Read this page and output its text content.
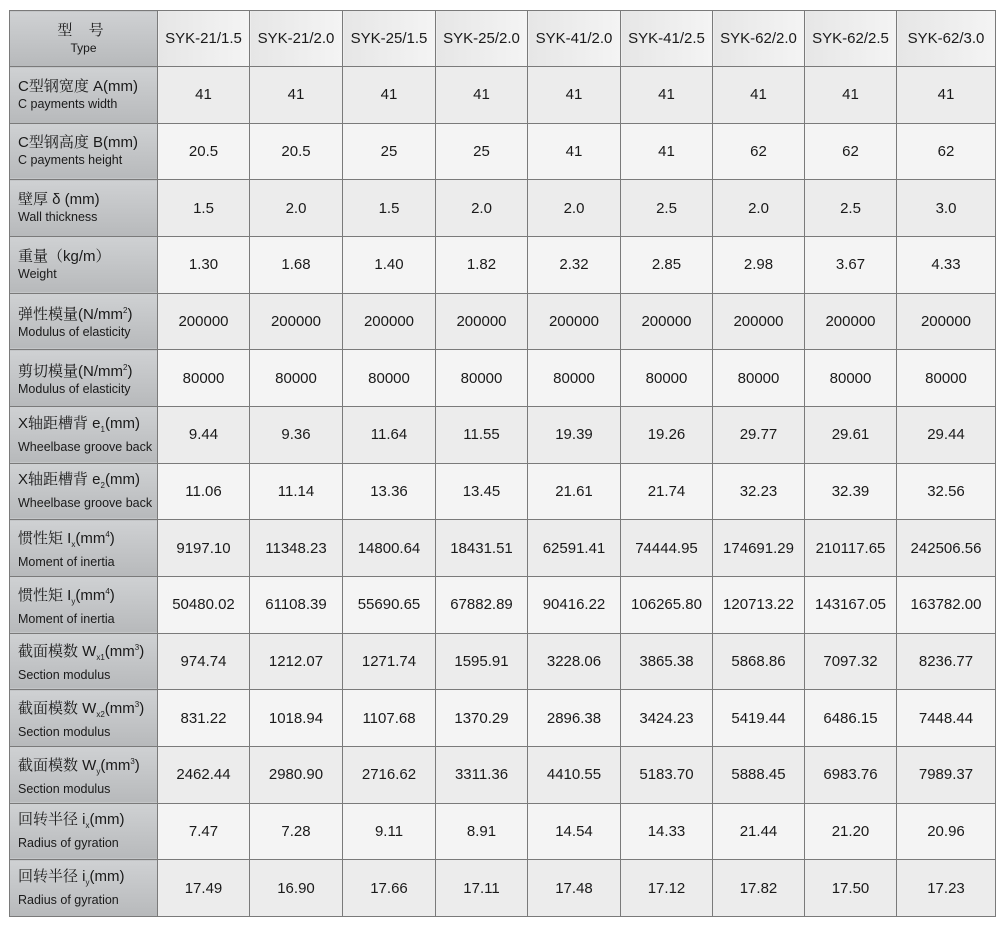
型 号
Type	SYK-21/1.5	SYK-21/2.0	SYK-25/1.5	SYK-25/2.0	SYK-41/2.0	SYK-41/2.5	SYK-62/2.0	SYK-62/2.5	SYK-62/3.0

C型钢宽度 A(mm)
C payments width	41	41	41	41	41	41	41	41	41

C型钢高度 B(mm)
C payments height	20.5	20.5	25	25	41	41	62	62	62

壁厚 δ (mm)
Wall thickness	1.5	2.0	1.5	2.0	2.0	2.5	2.0	2.5	3.0

重量（kg/m）
Weight	1.30	1.68	1.40	1.82	2.32	2.85	2.98	3.67	4.33

弹性模量$(N/mm^2)$
Modulus of elasticity	200000	200000	200000	200000	200000	200000	200000	200000	200000

剪切模量$(N/mm^2)$
Modulus of elasticity	80000	80000	80000	80000	80000	80000	80000	80000	80000

X轴距槽背 $e_1(mm)$
Wheelbase groove back	9.44	9.36	11.64	11.55	19.39	19.26	29.77	29.61	29.44

X轴距槽背 $e_2(mm)$
Wheelbase groove back	11.06	11.14	13.36	13.45	21.61	21.74	32.23	32.39	32.56

惯性矩 $I_x(mm^4)$
Moment of inertia	9197.10	11348.23	14800.64	18431.51	62591.41	74444.95	174691.29	210117.65	242506.56

惯性矩 $I_y(mm^4)$
Moment of inertia	50480.02	61108.39	55690.65	67882.89	90416.22	106265.80	120713.22	143167.05	163782.00

截面模数 $W_{x1}(mm^3)$
Section modulus	974.74	1212.07	1271.74	1595.91	3228.06	3865.38	5868.86	7097.32	8236.77

截面模数 $W_{x2}(mm^3)$
Section modulus	831.22	1018.94	1107.68	1370.29	2896.38	3424.23	5419.44	6486.15	7448.44

截面模数 $W_y(mm^3)$
Section modulus	2462.44	2980.90	2716.62	3311.36	4410.55	5183.70	5888.45	6983.76	7989.37

回转半径 $i_x(mm)$
Radius of gyration	7.47	7.28	9.11	8.91	14.54	14.33	21.44	21.20	20.96

回转半径 $i_y(mm)$
Radius of gyration	17.49	16.90	17.66	17.11	17.48	17.12	17.82	17.50	17.23
